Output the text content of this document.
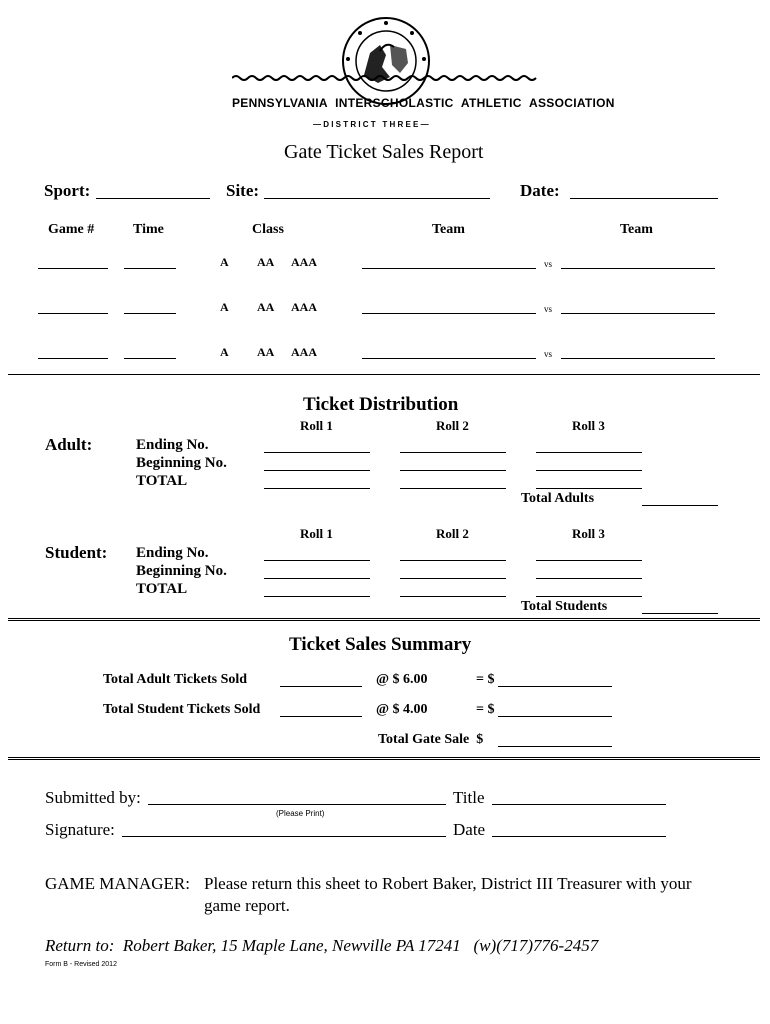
PENNSYLVANIA INTERSCHOLASTIC ATHLETIC ASSOCIATION
— D I S T R I C T   T H R E E —
Gate Ticket Sales Report
Sport:	Site:	Date:
Game #	Time	Class	Team	Team
A AA AAA	vs
A AA AAA	vs
A AA AAA	vs
Ticket Distribution
Roll 1	Roll 2	Roll 3
Adult:	Ending No.
Beginning No.
TOTAL
Total Adults
Roll 1	Roll 2	Roll 3
Student: Ending No.
Beginning No.
TOTAL
Total Students
Ticket Sales Summary
Total Adult Tickets Sold	@ $ 6.00	= $
Total Student Tickets Sold	@ $ 4.00	= $
Total Gate Sale  $
Submitted by:
(Please Print)
Title
Signature:	Date
GAME MANAGER: Please return this sheet to Robert Baker, District III Treasurer with your
game report.
Return to:  Robert Baker, 15 Maple Lane, Newville PA 17241   (w)(717)776-2457
Form B - Revised 2012
